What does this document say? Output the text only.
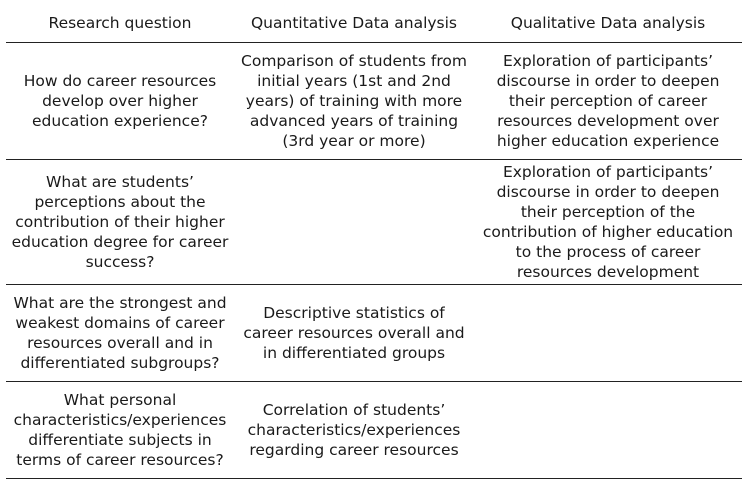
Research question	Quantitative Data analysis	Qualitative Data analysis

How do career resources develop over higher education experience?	Comparison of students from initial years (1st and 2nd years) of training with more advanced years of training (3rd year or more)	Exploration of participants’ discourse in order to deepen their perception of career resources development over higher education experience

What are students’ perceptions about the contribution of their higher education degree for career success?		Exploration of participants’ discourse in order to deepen their perception of the contribution of higher education to the process of career resources development

What are the strongest and weakest domains of career resources overall and in differentiated subgroups?	Descriptive statistics of career resources overall and in differentiated groups	

What personal characteristics/experiences differentiate subjects in terms of career resources?	Correlation of students’ characteristics/experiences regarding career resources	
